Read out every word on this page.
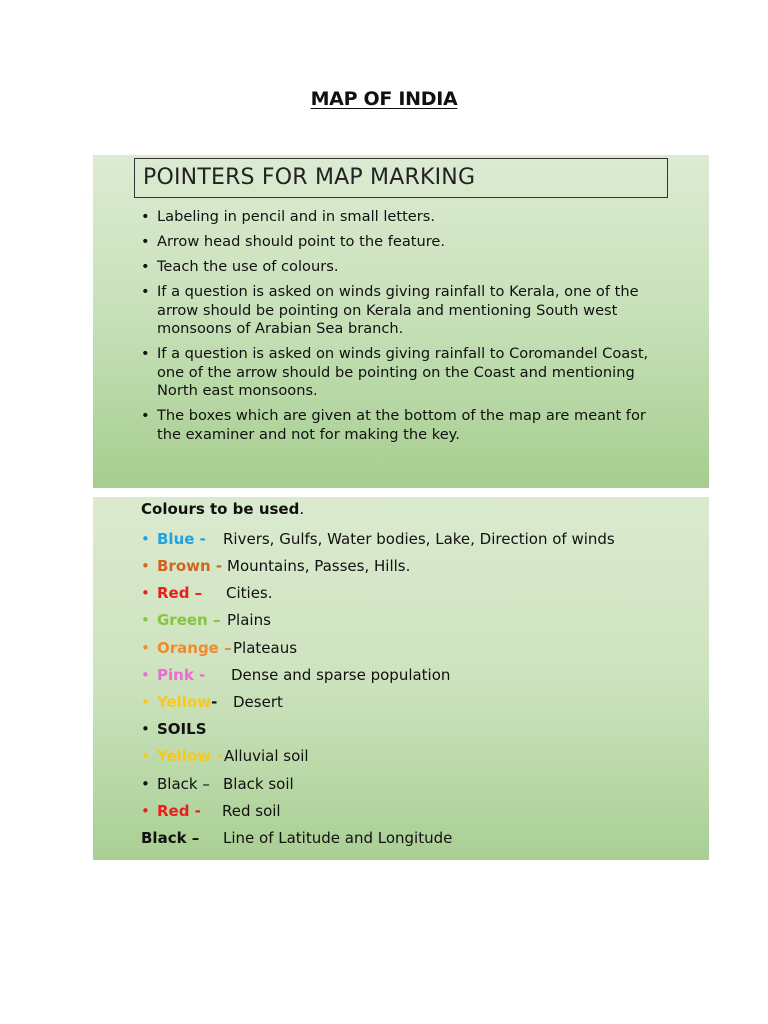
MAP OF INDIA
POINTERS FOR MAP MARKING
• Labeling in pencil and in small letters.
• Arrow head should point to the feature.
• Teach the use of colours.
• If a question is asked on winds giving rainfall to Kerala, one of the arrow should be pointing on Kerala and mentioning South west monsoons of Arabian Sea branch.
• If a question is asked on winds giving rainfall to Coromandel Coast, one of the arrow should be pointing on the Coast and mentioning North east monsoons.
• The boxes which are given at the bottom of the map are meant for the examiner and not for making the key.
Colours to be used.
• Blue - Rivers, Gulfs, Water bodies, Lake, Direction of winds
• Brown - Mountains, Passes, Hills.
• Red – Cities.
• Green – Plains
• Orange – Plateaus
• Pink - Dense and sparse population
• Yellow- Desert
• SOILS
• Yellow - Alluvial soil
• Black – Black soil
• Red - Red soil
Black – Line of Latitude and Longitude
